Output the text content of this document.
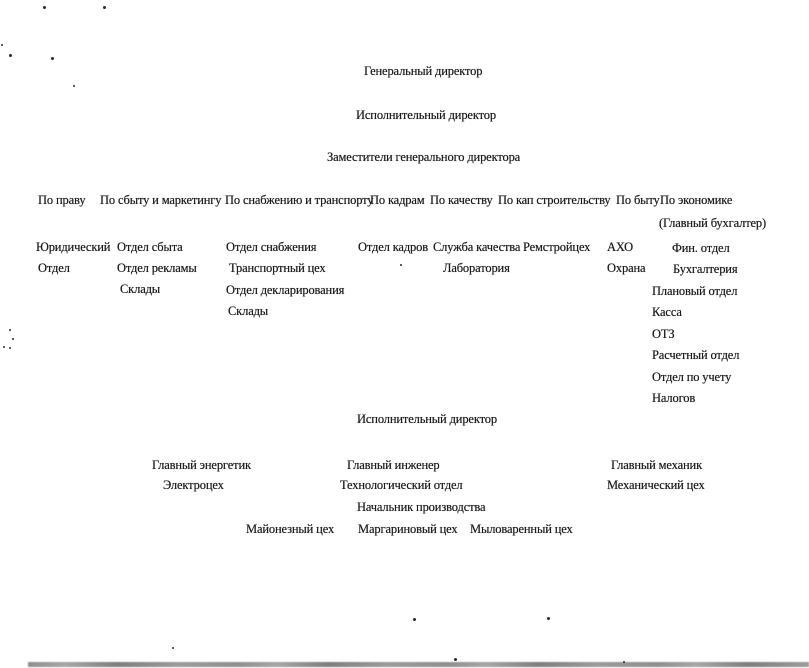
Генеральный директор
Исполнительный директор
Заместители генерального директора
По праву По сбыту и маркетингу По снабжению и транспорту
По кадрам По качеству По кап строительству По быту По экономике
(Главный бухгалтер)
Юридический
Отдел
Отдел сбыта
Отдел рекламы
Склады
Отдел снабжения
Транспортный цех
Отдел декларирования
Склады
Отдел кадров Служба качества
Лаборатория
Ремстройцех АХО
Охрана
Фин. отдел
Бухгалтерия
Плановый отдел
Касса
ОТЗ
Расчетный отдел
Отдел по учету
Налогов
Исполнительный директор
Главный энергетик
Электроцех
Главный инженер
Технологический отдел
Начальник производства
Главный механик
Механический цех
Майонезный цех Маргариновый цех Мыловаренный цех
